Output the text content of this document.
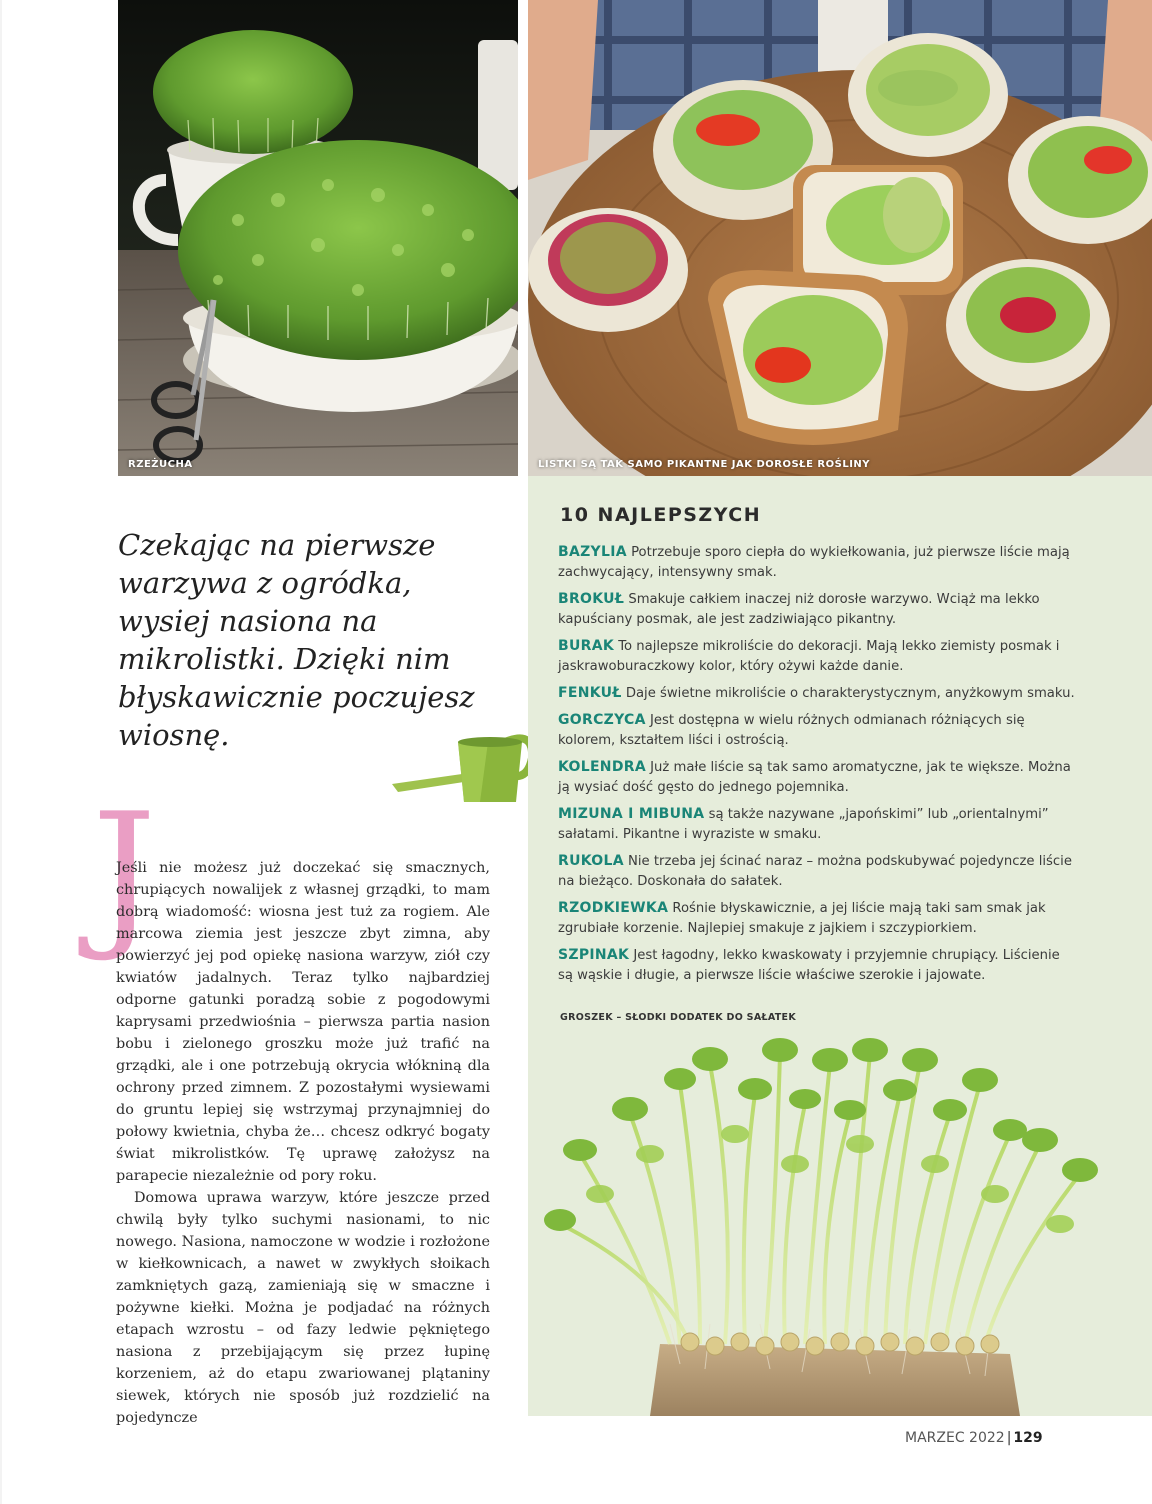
RZEŻUCHA	LISTKI SĄ TAK SAMO PIKANTNE JAK DOROSŁE ROŚLINY

Czekając na pierwsze warzywa z ogródka, wysiej nasiona na mikrolistki. Dzięki nim błyskawicznie poczujesz wiosnę.

J

Jeśli nie możesz już doczekać się smacznych, chrupiących nowalijek z własnej grządki, to mam dobrą wiadomość: wiosna jest tuż za rogiem. Ale marcowa ziemia jest jeszcze zbyt zimna, aby powierzyć jej pod opiekę nasiona warzyw, ziół czy kwiatów jadalnych. Teraz tylko najbardziej odporne gatunki poradzą sobie z pogodowymi kaprysami przedwiośnia – pierwsza partia nasion bobu i zielonego groszku może już trafić na grządki, ale i one potrzebują okrycia włókniną dla ochrony przed zimnem. Z pozostałymi wysiewami do gruntu lepiej się wstrzymaj przynajmniej do połowy kwietnia, chyba że… chcesz odkryć bogaty świat mikrolistków. Tę uprawę założysz na parapecie niezależnie od pory roku.

Domowa uprawa warzyw, które jeszcze przed chwilą były tylko suchymi nasionami, to nic nowego. Nasiona, namoczone w wodzie i rozłożone w kiełkownicach, a nawet w zwykłych słoikach zamkniętych gazą, zamieniają się w smaczne i pożywne kiełki. Można je podjadać na różnych etapach wzrostu – od fazy ledwie pękniętego nasiona z przebijającym się przez łupinę korzeniem, aż do etapu zwariowanej plątaniny siewek, których nie sposób już rozdzielić na pojedyncze

10 NAJLEPSZYCH
BAZYLIA Potrzebuje sporo ciepła do wykiełkowania, już pierwsze liście mają zachwycający, intensywny smak.
BROKUŁ Smakuje całkiem inaczej niż dorosłe warzywo. Wciąż ma lekko kapuściany posmak, ale jest zadziwiająco pikantny.
BURAK To najlepsze mikroliście do dekoracji. Mają lekko ziemisty posmak i jaskrawoburaczkowy kolor, który ożywi każde danie.
FENKUŁ Daje świetne mikroliście o charakterystycznym, anyżkowym smaku.
GORCZYCA Jest dostępna w wielu różnych odmianach różniących się kolorem, kształtem liści i ostrością.
KOLENDRA Już małe liście są tak samo aromatyczne, jak te większe. Można ją wysiać dość gęsto do jednego pojemnika.
MIZUNA I MIBUNA są także nazywane „japońskimi” lub „orientalnymi” sałatami. Pikantne i wyraziste w smaku.
RUKOLA Nie trzeba jej ścinać naraz – można podskubywać pojedyncze liście na bieżąco. Doskonała do sałatek.
RZODKIEWKA Rośnie błyskawicznie, a jej liście mają taki sam smak jak zgrubiałe korzenie. Najlepiej smakuje z jajkiem i szczypiorkiem.
SZPINAK Jest łagodny, lekko kwaskowaty i przyjemnie chrupiący. Liścienie są wąskie i długie, a pierwsze liście właściwe szerokie i jajowate.
GROSZEK – SŁODKI DODATEK DO SAŁATEK
MARZEC 2022 | 129
